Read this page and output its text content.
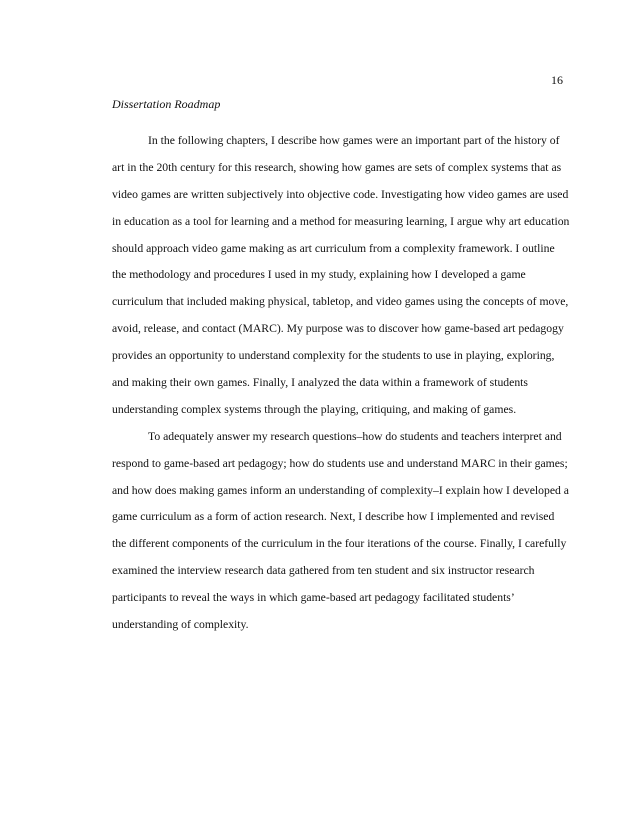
16
Dissertation Roadmap
In the following chapters, I describe how games were an important part of the history of
art in the 20th century for this research, showing how games are sets of complex systems that as
video games are written subjectively into objective code. Investigating how video games are used
in education as a tool for learning and a method for measuring learning, I argue why art education
should approach video game making as art curriculum from a complexity framework. I outline
the methodology and procedures I used in my study, explaining how I developed a game
curriculum that included making physical, tabletop, and video games using the concepts of move,
avoid, release, and contact (MARC). My purpose was to discover how game-based art pedagogy
provides an opportunity to understand complexity for the students to use in playing, exploring,
and making their own games. Finally, I analyzed the data within a framework of students
understanding complex systems through the playing, critiquing, and making of games.
To adequately answer my research questions–how do students and teachers interpret and
respond to game-based art pedagogy; how do students use and understand MARC in their games;
and how does making games inform an understanding of complexity–I explain how I developed a
game curriculum as a form of action research. Next, I describe how I implemented and revised
the different components of the curriculum in the four iterations of the course. Finally, I carefully
examined the interview research data gathered from ten student and six instructor research
participants to reveal the ways in which game-based art pedagogy facilitated students’
understanding of complexity.
